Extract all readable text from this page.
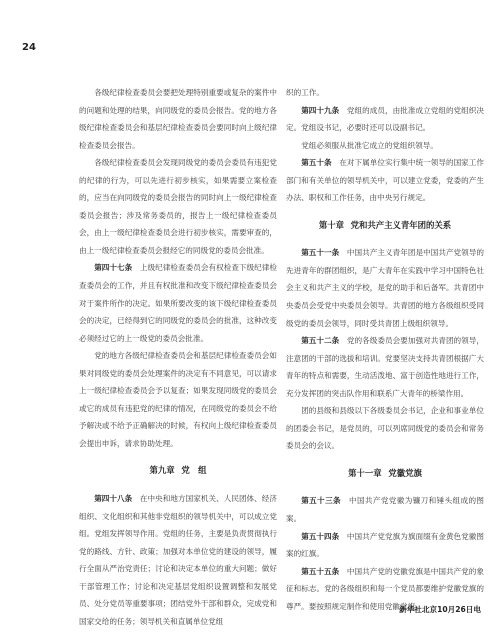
24

各级纪律检查委员会要把处理特别重要或复杂的案件中的问题和处理的结果，向同级党的委员会报告。党的地方各级纪律检查委员会和基层纪律检查委员会要同时向上级纪律检查委员会报告。

各级纪律检查委员会发现同级党的委员会委员有违犯党的纪律的行为，可以先进行初步核实，如果需要立案检查的，应当在向同级党的委员会报告的同时向上一级纪律检查委员会报告；涉及常务委员的，报告上一级纪律检查委员会，由上一级纪律检查委员会进行初步核实，需要审查的，由上一级纪律检查委员会报经它的同级党的委员会批准。

第四十七条　 上级纪律检查委员会有权检查下级纪律检查委员会的工作，并且有权批准和改变下级纪律检查委员会对于案件所作的决定。如果所要改变的该下级纪律检查委员会的决定，已经得到它的同级党的委员会的批准，这种改变必须经过它的上一级党的委员会批准。

党的地方各级纪律检查委员会和基层纪律检查委员会如果对同级党的委员会处理案件的决定有不同意见，可以请求上一级纪律检查委员会予以复查；如果发现同级党的委员会或它的成员有违犯党的纪律的情况，在同级党的委员会不给予解决或不给予正确解决的时候，有权向上级纪律检查委员会提出申诉，请求协助处理。

第九章 党　组

第四十八条　 在中央和地方国家机关、人民团体、经济组织、文化组织和其他非党组织的领导机关中，可以成立党组。党组发挥领导作用。党组的任务，主要是负责贯彻执行党的路线、方针、政策；加强对本单位党的建设的领导，履行全面从严治党责任；讨论和决定本单位的重大问题；做好干部管理工作；讨论和决定基层党组织设置调整和发展党员、处分党员等重要事项；团结党外干部和群众，完成党和国家交给的任务；领导机关和直属单位党组

织的工作。

第四十九条　 党组的成员，由批准成立党组的党组织决定。党组设书记，必要时还可以设副书记。

党组必须服从批准它成立的党组织领导。

第五十条　 在对下属单位实行集中统一领导的国家工作部门和有关单位的领导机关中，可以建立党委，党委的产生办法、职权和工作任务，由中央另行规定。

第十章 党和共产主义青年团的关系

第五十一条　 中国共产主义青年团是中国共产党领导的先进青年的群团组织，是广大青年在实践中学习中国特色社会主义和共产主义的学校，是党的助手和后备军。共青团中央委员会受党中央委员会领导。共青团的地方各级组织受同级党的委员会领导，同时受共青团上级组织领导。

第五十二条　 党的各级委员会要加强对共青团的领导，注意团的干部的选拔和培训。党要坚决支持共青团根据广大青年的特点和需要，生动活泼地、富于创造性地进行工作，充分发挥团的突击队作用和联系广大青年的桥梁作用。

团的县级和县级以下各级委员会书记，企业和事业单位的团委会书记，是党员的，可以列席同级党的委员会和常务委员会的会议。

第十一章 党徽党旗

第五十三条　 中国共产党党徽为镰刀和锤头组成的图案。

第五十四条　 中国共产党党旗为旗面缀有金黄色党徽图案的红旗。

第五十五条　 中国共产党的党徽党旗是中国共产党的象征和标志。党的各级组织和每一个党员都要维护党徽党旗的尊严。要按照规定制作和使用党徽党旗。

新华社北京10月26日电
